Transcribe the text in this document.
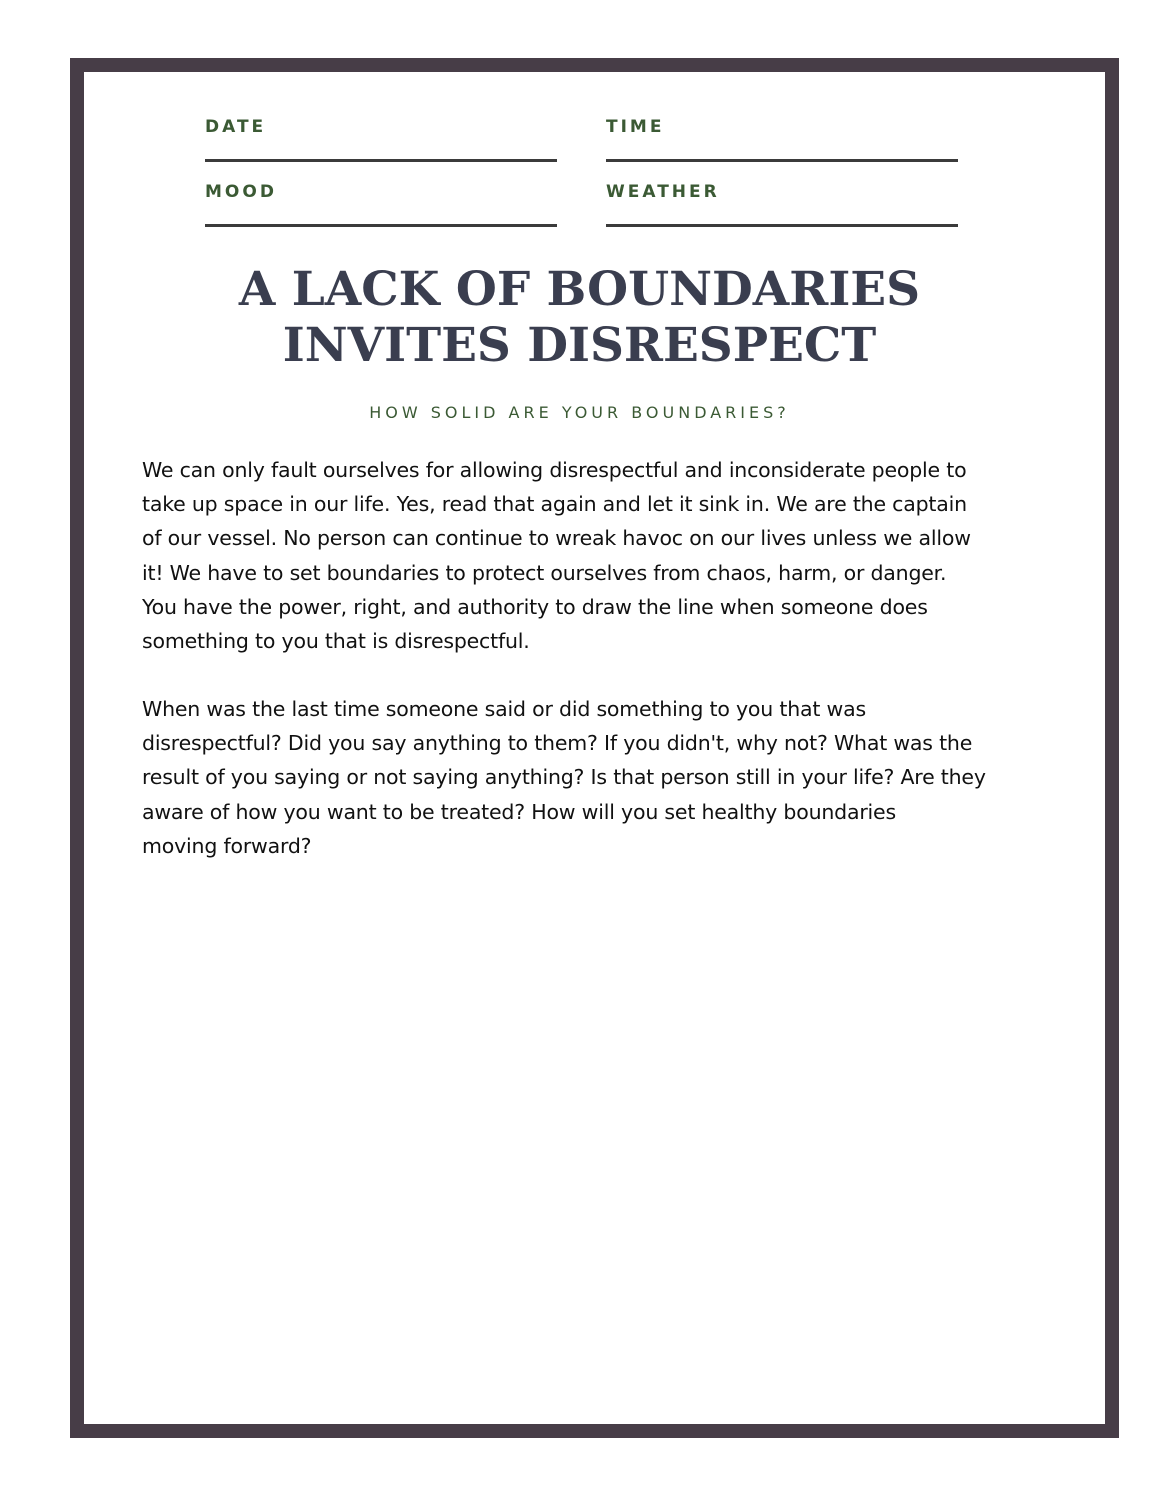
DATE	TIME
MOOD	WEATHER
A LACK OF BOUNDARIES
INVITES DISRESPECT
HOW SOLID ARE YOUR BOUNDARIES?
We can only fault ourselves for allowing disrespectful and inconsiderate people to
take up space in our life. Yes, read that again and let it sink in. We are the captain
of our vessel. No person can continue to wreak havoc on our lives unless we allow
it! We have to set boundaries to protect ourselves from chaos, harm, or danger.
You have the power, right, and authority to draw the line when someone does
something to you that is disrespectful.
When was the last time someone said or did something to you that was
disrespectful? Did you say anything to them? If you didn't, why not? What was the
result of you saying or not saying anything? Is that person still in your life? Are they
aware of how you want to be treated? How will you set healthy boundaries
moving forward?
